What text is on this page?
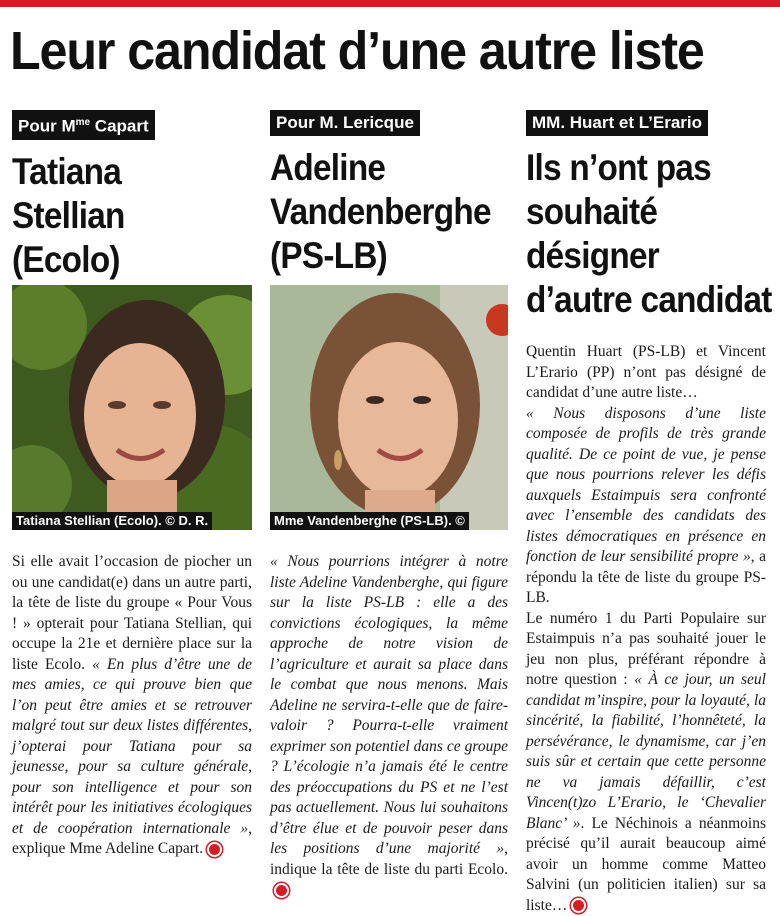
Leur candidat d’une autre liste
Pour $M^{me}$ Capart
Tatiana
Stellian
(Ecolo)
Tatiana Stellian (Ecolo). © D. R.

Si elle avait l’occasion de piocher un ou une candidat(e) dans un autre parti, la tête de liste du groupe « Pour Vous ! » opterait pour Tatiana Stellian, qui occupe la 21e et dernière place sur la liste Ecolo. « En plus d’être une de mes amies, ce qui prouve bien que l’on peut être amies et se retrouver malgré tout sur deux listes différentes, j’opterai pour Tatiana pour sa jeunesse, pour sa culture générale, pour son intelligence et pour son intérêt pour les initiatives écologiques et de coopération internationale », explique Mme Adeline Capart.

Pour M. Lericque
Adeline
Vandenberghe
(PS-LB)
Mme Vandenberghe (PS-LB). ©

« Nous pourrions intégrer à notre liste Adeline Vandenberghe, qui figure sur la liste PS-LB : elle a des convictions écologiques, la même approche de notre vision de l’agriculture et aurait sa place dans le combat que nous menons. Mais Adeline ne servira-t-elle que de faire-valoir ? Pourra-t-elle vraiment exprimer son potentiel dans ce groupe ? L’écologie n’a jamais été le centre des préoccupations du PS et ne l’est pas actuellement. Nous lui souhaitons d’être élue et de pouvoir peser dans les positions d’une majorité », indique la tête de liste du parti Ecolo.

MM. Huart et L’Erario
Ils n’ont pas
souhaité
désigner
d’autre candidat

Quentin Huart (PS-LB) et Vincent L’Erario (PP) n’ont pas désigné de candidat d’une autre liste…

« Nous disposons d’une liste composée de profils de très grande qualité. De ce point de vue, je pense que nous pourrions relever les défis auxquels Estaimpuis sera confronté avec l’ensemble des candidats des listes démocratiques en présence en fonction de leur sensibilité propre », a répondu la tête de liste du groupe PS-LB.

Le numéro 1 du Parti Populaire sur Estaimpuis n’a pas souhaité jouer le jeu non plus, préférant répondre à notre question : « À ce jour, un seul candidat m’inspire, pour la loyauté, la sincérité, la fiabilité, l’honnêteté, la persévérance, le dynamisme, car j’en suis sûr et certain que cette personne ne va jamais défaillir, c’est Vincen(t)zo L’Erario, le ‘Chevalier Blanc’ ». Le Néchinois a néanmoins précisé qu’il aurait beaucoup aimé avoir un homme comme Matteo Salvini (un politicien italien) sur sa liste…
